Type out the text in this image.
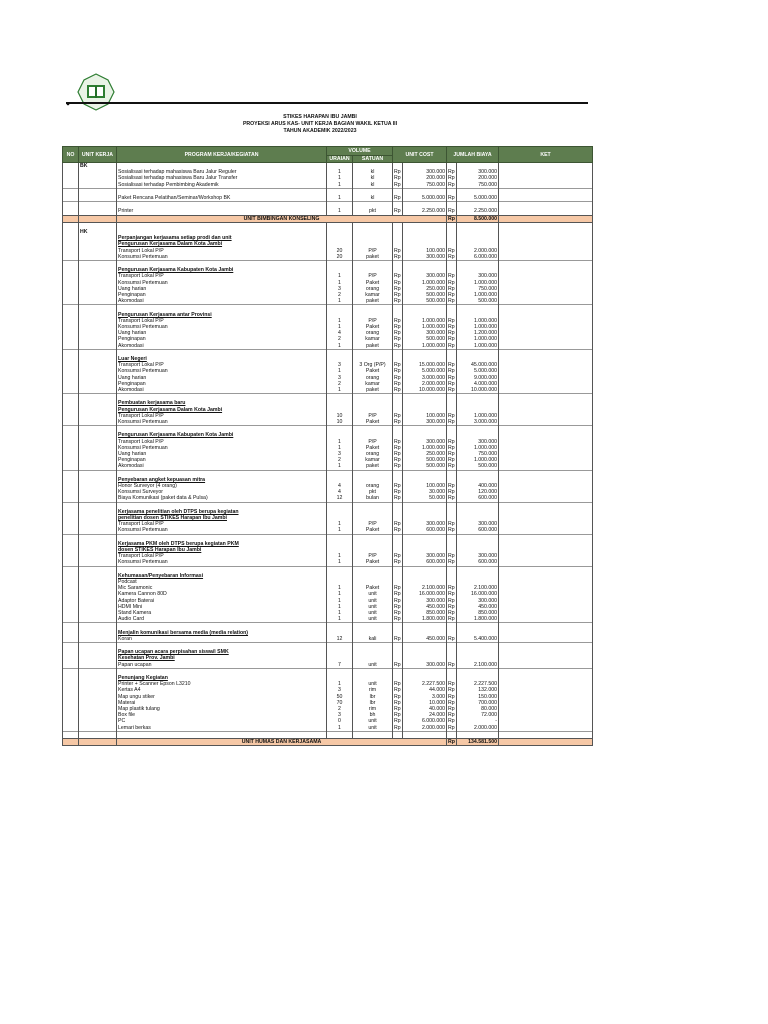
STIKES HARAPAN IBU JAMBI
PROYEKSI ARUS KAS- UNIT KERJA BAGIAN WAKIL KETUA III
TAHUN AKADEMIK 2022/2023
NO	UNIT KERJA	PROGRAM KERJA/KEGIATAN	VOLUME		UNIT COST		JUMLAH BIAYA		KET
			URAIAN	SATUAN					
	BK								
		Sosialisasi terhadap mahasiswa Baru Jalur Reguler	1	kl	Rp	300.000	Rp	300.000	
		Sosialisasi terhadap mahasiswa Baru Jalur Transfer	1	kl	Rp	200.000	Rp	200.000	
		Sosialisasi terhadap Pembimbing Akademik	1	kl	Rp	750.000	Rp	750.000	

		Paket Rencana Pelatihan/Seminar/Workshop BK	1	kl	Rp	5.000.000	Rp	5.000.000	

		Printer	1	pkt	Rp	2.250.000	Rp	2.250.000	
		UNIT BIMBINGAN KONSELING					Rp	8.500.000	

	HK								
		Perpanjangan kerjasama setiap prodi dan unit							
		Pengurusan Kerjasama Dalam Kota Jambi							
		Transport Lokal P/P	20	P/P	Rp	100.000	Rp	2.000.000	
		Konsumsi Pertemuan	20	paket	Rp	300.000	Rp	6.000.000	

		Pengurusan Kerjasama Kabupaten Kota Jambi							
		Transport Lokal P/P	1	P/P	Rp	300.000	Rp	300.000	
		Konsumsi Pertemuan	1	Paket	Rp	1.000.000	Rp	1.000.000	
		Uang harian	3	orang	Rp	250.000	Rp	750.000	
		Penginapan	2	kamar	Rp	500.000	Rp	1.000.000	
		Akomodasi	1	paket	Rp	500.000	Rp	500.000	

		Pengurusan Kerjasama antar Provinsi							
		Transport Lokal P/P	1	P/P	Rp	1.000.000	Rp	1.000.000	
		Konsumsi Pertemuan	1	Paket	Rp	1.000.000	Rp	1.000.000	
		Uang harian	4	orang	Rp	300.000	Rp	1.200.000	
		Penginapan	2	kamar	Rp	500.000	Rp	1.000.000	
		Akomodasi	1	paket	Rp	1.000.000	Rp	1.000.000	

		Luar Negeri							
		Transport Lokal P/P	3	3 Org (P/P)	Rp	15.000.000	Rp	45.000.000	
		Konsumsi Pertemuan	1	Paket	Rp	5.000.000	Rp	5.000.000	
		Uang harian	3	orang	Rp	3.000.000	Rp	9.000.000	
		Penginapan	2	kamar	Rp	2.000.000	Rp	4.000.000	
		Akomodasi	1	paket	Rp	10.000.000	Rp	10.000.000	

		Pembuatan kerjasama baru							
		Pengurusan Kerjasama Dalam Kota Jambi							
		Transport Lokal P/P	10	P/P	Rp	100.000	Rp	1.000.000	
		Konsumsi Pertemuan	10	Paket	Rp	300.000	Rp	3.000.000	

		Pengurusan Kerjasama Kabupaten Kota Jambi							
		Transport Lokal P/P	1	P/P	Rp	300.000	Rp	300.000	
		Konsumsi Pertemuan	1	Paket	Rp	1.000.000	Rp	1.000.000	
		Uang harian	3	orang	Rp	250.000	Rp	750.000	
		Penginapan	2	kamar	Rp	500.000	Rp	1.000.000	
		Akomodasi	1	paket	Rp	500.000	Rp	500.000	

		Penyebaran angket kepuasan mitra							
		Honor Surveyor (4 orang)	4	orang	Rp	100.000	Rp	400.000	
		Konsumsi Surveyor	4	pkt	Rp	30.000	Rp	120.000	
		Biaya Komunikasi (paket data & Pulsa)	12	bulan	Rp	50.000	Rp	600.000	

		Kerjasama penelitian oleh DTPS berupa kegiatan							
		penelitian dosen STIKES Harapan Ibu Jambi							
		Transport Lokal P/P	1	P/P	Rp	300.000	Rp	300.000	
		Konsumsi Pertemuan	1	Paket	Rp	600.000	Rp	600.000	

		Kerjasama PKM oleh DTPS berupa kegiatan PKM							
		dosen STIKES Harapan Ibu Jambi							
		Transport Lokal P/P	1	P/P	Rp	300.000	Rp	300.000	
		Konsumsi Pertemuan	1	Paket	Rp	600.000	Rp	600.000	

		Kehumasan/Penyebaran Informasi							
		Podcast							
		Mic Saramonic	1	Paket	Rp	2.100.000	Rp	2.100.000	
		Kamera Cannon 80D	1	unit	Rp	16.000.000	Rp	16.000.000	
		Adaptor Baterai	1	unit	Rp	300.000	Rp	300.000	
		HDMI Mini	1	unit	Rp	450.000	Rp	450.000	
		Stand Kamera	1	unit	Rp	850.000	Rp	850.000	
		Audio Card	1	unit	Rp	1.800.000	Rp	1.800.000	

		Menjalin komunikasi bersama media (media relation)							
		Koran	12	kali	Rp	450.000	Rp	5.400.000	

		Papan ucapan acara perpisahan siswa/i SMK							
		Kesehatan Prov. Jambi							
		Papan ucapan	7	unit	Rp	300.000	Rp	2.100.000	

		Penunjang Kegiatan							
		Printer + Scanner Epson L3210	1	unit	Rp	2.227.500	Rp	2.227.500	
		Kertas A4	3	rim	Rp	44.000	Rp	132.000	
		Map ungu stiker	50	lbr	Rp	3.000	Rp	150.000	
		Materai	70	lbr	Rp	10.000	Rp	700.000	
		Map plastik tulang	2	rim	Rp	40.000	Rp	80.000	
		Box file	3	bh	Rp	24.000	Rp	72.000	
		PC	0	unit	Rp	6.000.000	Rp	-	
		Lemari berkas	1	unit	Rp	2.000.000	Rp	2.000.000	

		UNIT HUMAS DAN KERJASAMA					Rp	134.581.500	
